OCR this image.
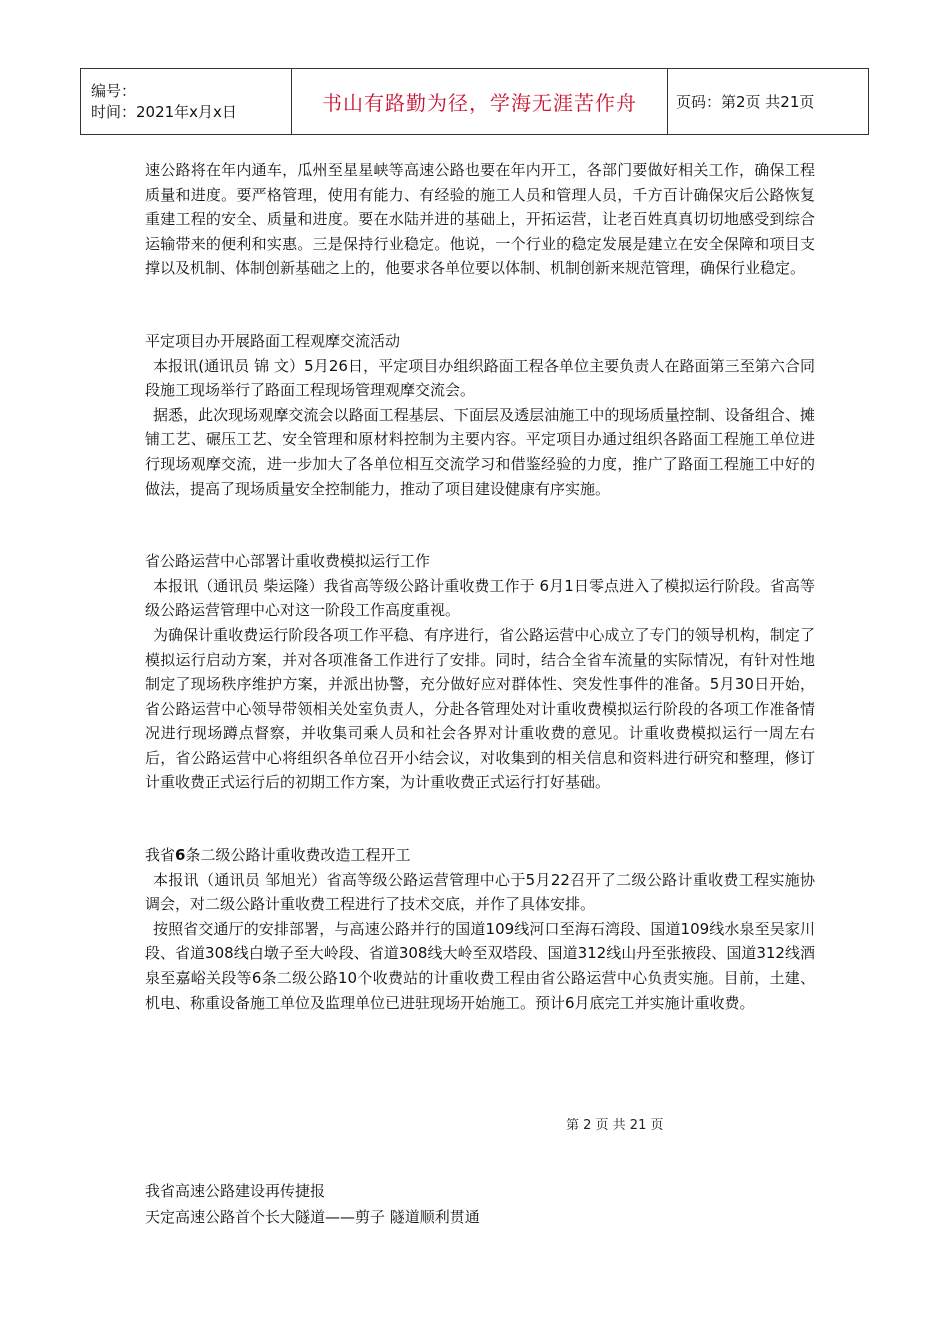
编号：
时间：2021年x月x日	书山有路勤为径，学海无涯苦作舟	页码：第2页 共21页

速公路将在年内通车，瓜州至星星峡等高速公路也要在年内开工，各部门要做好相关工作，确保工程质量和进度。要严格管理，使用有能力、有经验的施工人员和管理人员，千方百计确保灾后公路恢复重建工程的安全、质量和进度。要在水陆并进的基础上，开拓运营，让老百姓真真切切地感受到综合运输带来的便利和实惠。三是保持行业稳定。他说，一个行业的稳定发展是建立在安全保障和项目支撑以及机制、体制创新基础之上的，他要求各单位要以体制、机制创新来规范管理，确保行业稳定。

平定项目办开展路面工程观摩交流活动

本报讯(通讯员 锦 文）5月26日，平定项目办组织路面工程各单位主要负责人在路面第三至第六合同段施工现场举行了路面工程现场管理观摩交流会。

据悉，此次现场观摩交流会以路面工程基层、下面层及透层油施工中的现场质量控制、设备组合、摊铺工艺、碾压工艺、安全管理和原材料控制为主要内容。平定项目办通过组织各路面工程施工单位进行现场观摩交流，进一步加大了各单位相互交流学习和借鉴经验的力度，推广了路面工程施工中好的做法，提高了现场质量安全控制能力，推动了项目建设健康有序实施。

省公路运营中心部署计重收费模拟运行工作

本报讯（通讯员 柴运隆）我省高等级公路计重收费工作于 6月1日零点进入了模拟运行阶段。省高等级公路运营管理中心对这一阶段工作高度重视。

为确保计重收费运行阶段各项工作平稳、有序进行，省公路运营中心成立了专门的领导机构，制定了模拟运行启动方案，并对各项准备工作进行了安排。同时，结合全省车流量的实际情况，有针对性地制定了现场秩序维护方案，并派出协警，充分做好应对群体性、突发性事件的准备。5月30日开始，省公路运营中心领导带领相关处室负责人，分赴各管理处对计重收费模拟运行阶段的各项工作准备情况进行现场蹲点督察，并收集司乘人员和社会各界对计重收费的意见。计重收费模拟运行一周左右后，省公路运营中心将组织各单位召开小结会议，对收集到的相关信息和资料进行研究和整理，修订计重收费正式运行后的初期工作方案，为计重收费正式运行打好基础。

我省6条二级公路计重收费改造工程开工

本报讯（通讯员 邹旭光）省高等级公路运营管理中心于5月22召开了二级公路计重收费工程实施协调会，对二级公路计重收费工程进行了技术交底，并作了具体安排。

按照省交通厅的安排部署，与高速公路并行的国道109线河口至海石湾段、国道109线水泉至吴家川段、省道308线白墩子至大岭段、省道308线大岭至双塔段、国道312线山丹至张掖段、国道312线酒泉至嘉峪关段等6条二级公路10个收费站的计重收费工程由省公路运营中心负责实施。目前，土建、机电、称重设备施工单位及监理单位已进驻现场开始施工。预计6月底完工并实施计重收费。

第 2 页 共 21 页

我省高速公路建设再传捷报

天定高速公路首个长大隧道——剪子 隧道顺利贯通
